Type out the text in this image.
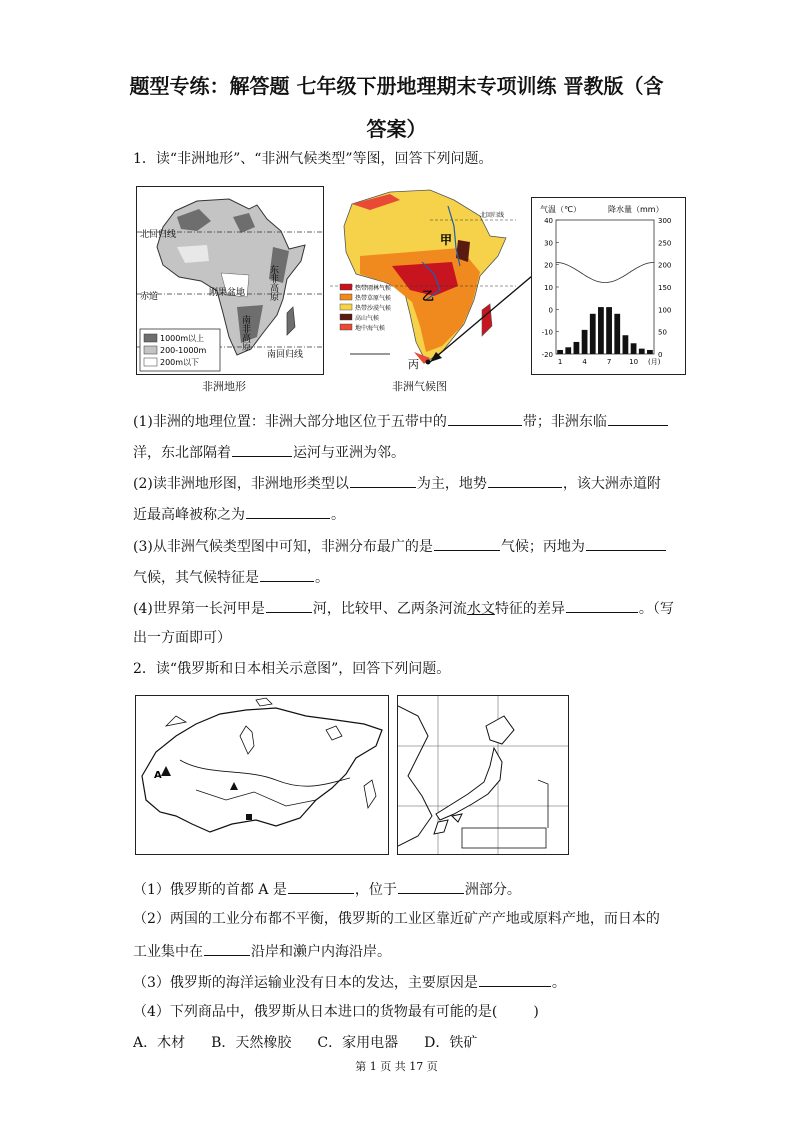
题型专练：解答题 七年级下册地理期末专项训练 晋教版（含
答案）
1．读“非洲地形”、“非洲气候类型”等图，回答下列问题。
1000m以上
200-1000m
200m以下
北回归线
赤道
南回归线
刚果盆地	东非高原
南非高原
非洲地形
北回归线
热带雨林气候
热带草原气候
热带沙漠气候
高山气候
地中海气候
甲
乙
丙
非洲气候图
气温（℃）	降水量（mm）
40
30
20
10
0
-10
-20
300
250
200
150
100
50
0
1	4	7	10 (月)
(1)非洲的地理位置：非洲大部分地区位于五带中的	带；非洲东临
洋，东北部隔着	运河与亚洲为邻。
(2)读非洲地形图，非洲地形类型以	为主，地势	，该大洲赤道附
近最高峰被称之为	。
(3)从非洲气候类型图中可知，非洲分布最广的是	气候；丙地为
气候，其气候特征是	。
(4)世界第一长河甲是	河，比较甲、乙两条河流水文特征的差异	。（写
出一方面即可）
2．读“俄罗斯和日本相关示意图”，回答下列问题。
A
（1）俄罗斯的首都 A 是	，位于	洲部分。
（2）两国的工业分布都不平衡，俄罗斯的工业区靠近矿产产地或原料产地，而日本的
工业集中在	沿岸和濑户内海沿岸。
（3）俄罗斯的海洋运输业没有日本的发达，主要原因是	。
（4）下列商品中，俄罗斯从日本进口的货物最有可能的是(	)
A．木材 B．天然橡胶 C．家用电器 D．铁矿
第 1 页 共 17 页
